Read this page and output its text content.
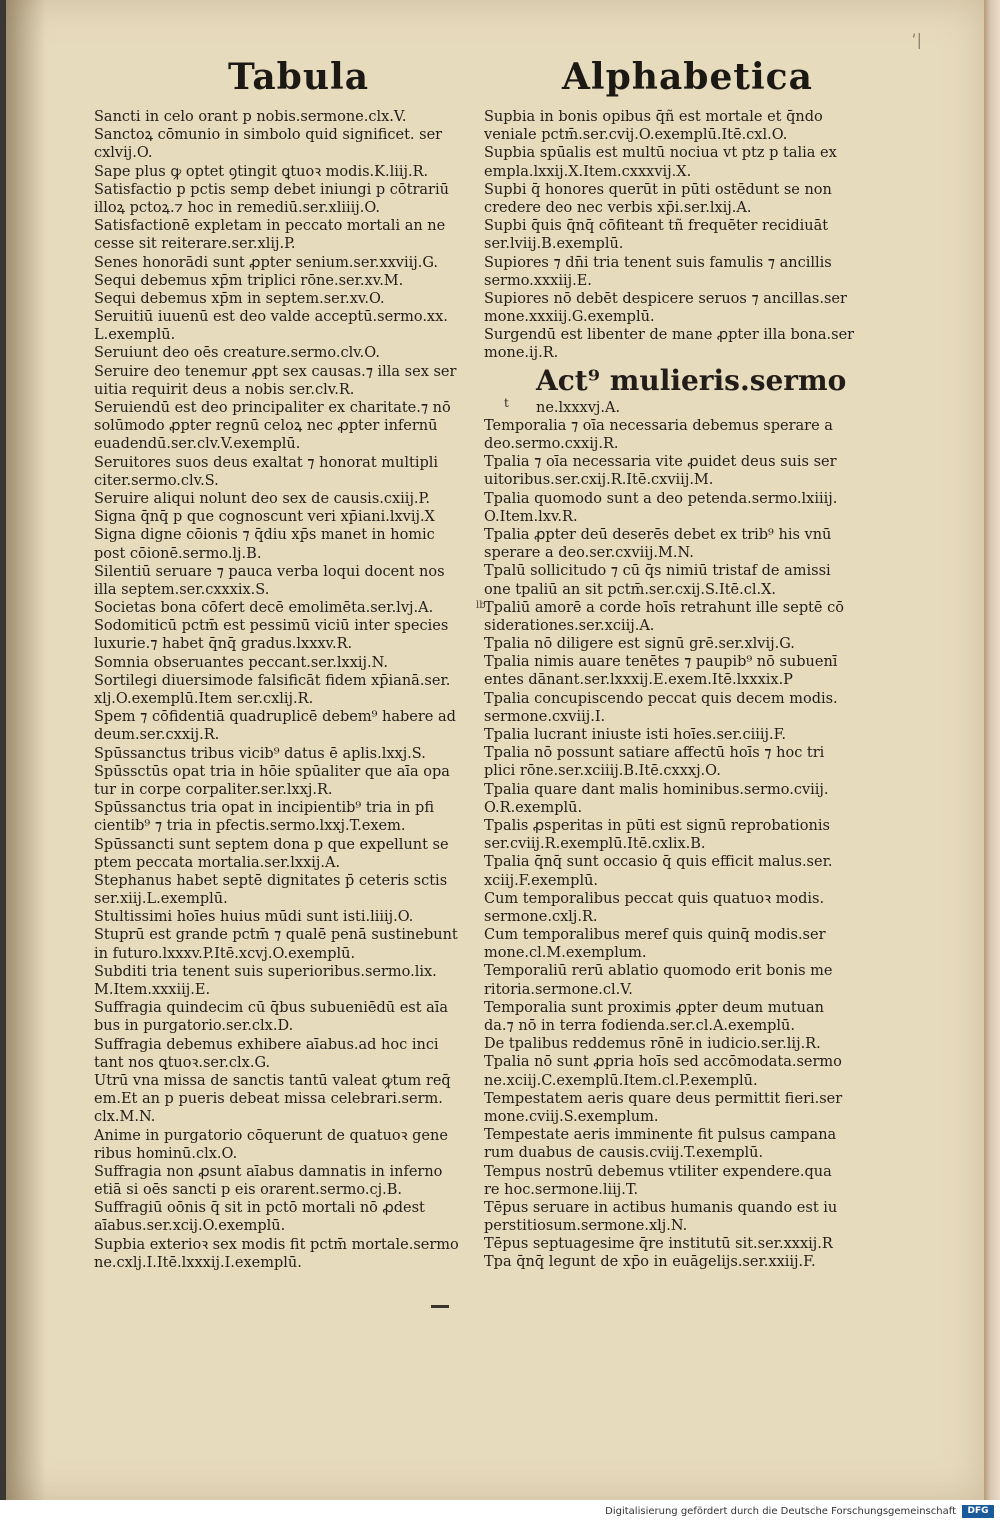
‘|
Tabula	Alphabetica
Sancti in celo orant p nobis.sermone.clx.V.
Sanctoꝝ cōmunio in simbolo quid significet. ser
cxlvij.O.
Sape plus ꝙ optet ꝯtingit ꝗtuoꝛ modis.K.liij.R.
Satisfactio p pctis semp debet iniungi p cōtrariū
illoꝝ pctoꝝ.⁊ hoc in remediū.ser.xliiij.O.
Satisfactionē expletam in peccato mortali an ne
cesse sit reiterare.ser.xlij.P.
Senes honorādi sunt ꝓpter senium.ser.xxviij.G.
Sequi debemus xp̄m triplici rōne.ser.xv.M.
Sequi debemus xp̄m in septem.ser.xv.O.
Seruitiū iuuenū est deo valde acceptū.sermo.xx.
L.exemplū.
Seruiunt deo oēs creature.sermo.clv.O.
Seruire deo tenemur ꝓpt sex causas.⁊ illa sex ser
uitia requirit deus a nobis ser.clv.R.
Seruiendū est deo principaliter ex charitate.⁊ nō
solūmodo ꝓpter regnū celoꝝ nec ꝓpter infernū
euadendū.ser.clv.V.exemplū.
Seruitores suos deus exaltat ⁊ honorat multipli
citer.sermo.clv.S.
Seruire aliqui nolunt deo sex de causis.cxiij.P.
Signa q̄nq̄ p que cognoscunt veri xp̄iani.lxvij.X
Signa digne cōionis ⁊ q̄diu xp̄s manet in homic
post cōionē.sermo.lj.B.
Silentiū seruare ⁊ pauca verba loqui docent nos
illa septem.ser.cxxxix.S.
Societas bona cōfert decē emolimēta.ser.lvj.A.
Sodomiticū pctm̄ est pessimū viciū inter species
luxurie.⁊ habet q̄nq̄ gradus.lxxxv.R.
Somnia obseruantes peccant.ser.lxxij.N.
Sortilegi diuersimode falsificāt fidem xp̄ianā.ser.
xlj.O.exemplū.Item ser.cxlij.R.
Spem ⁊ cōfidentiā quadruplicē debem⁹ habere ad
deum.ser.cxxij.R.
Spūssanctus tribus vicib⁹ datus ē aplis.lxxj.S.
Spūssctūs opat tria in hōie spūaliter que aīa opa
tur in corpe corpaliter.ser.lxxj.R.
Spūssanctus tria opat in incipientib⁹ tria in pfi
cientib⁹ ⁊ tria in pfectis.sermo.lxxj.T.exem.
Spūssancti sunt septem dona p que expellunt se
ptem peccata mortalia.ser.lxxij.A.
Stephanus habet septē dignitates p̄ ceteris sctis
ser.xiij.L.exemplū.
Stultissimi hoīes huius mūdi sunt isti.liiij.O.
Stuprū est grande pctm̄ ⁊ qualē penā sustinebunt
in futuro.lxxxv.P.Itē.xcvj.O.exemplū.
Subditi tria tenent suis superioribus.sermo.lix.
M.Item.xxxiij.E.
Suffragia quindecim cū q̄bus subueniēdū est aīa
bus in purgatorio.ser.clx.D.
Suffragia debemus exhibere aīabus.ad hoc inci
tant nos ꝗtuoꝛ.ser.clx.G.
Utrū vna missa de sanctis tantū valeat ꝙtum req̄
em.Et an p pueris debeat missa celebrari.serm.
clx.M.N.
Anime in purgatorio cōquerunt de quatuoꝛ gene
ribus hominū.clx.O.
Suffragia non ꝓsunt aīabus damnatis in inferno
etiā si oēs sancti p eis orarent.sermo.cj.B.
Suffragiū oōnis q̄ sit in pctō mortali nō ꝓdest
aīabus.ser.xcij.O.exemplū.
Supbia exterioꝛ sex modis fit pctm̄ mortale.sermo
ne.cxlj.I.Itē.lxxxij.I.exemplū.
Supbia in bonis opibus q̄ñ est mortale et q̄ndo
veniale pctm̄.ser.cvij.O.exemplū.Itē.cxl.O.
Supbia spūalis est multū nociua vt ptz p talia ex
empla.lxxij.X.Item.cxxxvij.X.
Supbi q̄ honores querūt in pūti ostēdunt se non
credere deo nec verbis xp̄i.ser.lxij.A.
Supbi q̄uis q̄nq̄ cōfiteant tñ frequēter recidiuāt
ser.lviij.B.exemplū.
Supiores ⁊ dn̄i tria tenent suis famulis ⁊ ancillis
sermo.xxxiij.E.
Supiores nō debēt despicere seruos ⁊ ancillas.ser
mone.xxxiij.G.exemplū.
Surgendū est libenter de mane ꝓpter illa bona.ser
mone.ij.R.
Act⁹ mulieris.sermo
ne.lxxxvj.A.
Temporalia ⁊ oīa necessaria debemus sperare a
deo.sermo.cxxij.R.
Tpalia ⁊ oīa necessaria vite ꝓuidet deus suis ser
uitoribus.ser.cxij.R.Itē.cxviij.M.
Tpalia quomodo sunt a deo petenda.sermo.lxiiij.
O.Item.lxv.R.
Tpalia ꝓpter deū deserēs debet ex trib⁹ his vnū
sperare a deo.ser.cxviij.M.N.
Tpalū sollicitudo ⁊ cū q̄s nimiū tristaf de amissi
one tpaliū an sit pctm̄.ser.cxij.S.Itē.cl.X.
Tpaliū amorē a corde hoīs retrahunt ille septē cō
siderationes.ser.xciij.A.
Tpalia nō diligere est signū grē.ser.xlvij.G.
Tpalia nimis auare tenētes ⁊ paupib⁹ nō subuenī
entes dānant.ser.lxxxij.E.exem.Itē.lxxxix.P
Tpalia concupiscendo peccat quis decem modis.
sermone.cxviij.I.
Tpalia lucrant iniuste isti hoīes.ser.ciiij.F.
Tpalia nō possunt satiare affectū hoīs ⁊ hoc tri
plici rōne.ser.xciiij.B.Itē.cxxxj.O.
Tpalia quare dant malis hominibus.sermo.cviij.
O.R.exemplū.
Tpalis ꝓsperitas in pūti est signū reprobationis
ser.cviij.R.exemplū.Itē.cxlix.B.
Tpalia q̄nq̄ sunt occasio q̄ quis efficit malus.ser.
xciij.F.exemplū.
Cum temporalibus peccat quis quatuoꝛ modis.
sermone.cxlj.R.
Cum temporalibus meref quis quinq̄ modis.ser
mone.cl.M.exemplum.
Temporaliū rerū ablatio quomodo erit bonis me
ritoria.sermone.cl.V.
Temporalia sunt proximis ꝓpter deum mutuan
da.⁊ nō in terra fodienda.ser.cl.A.exemplū.
De tpalibus reddemus rōnē in iudicio.ser.lij.R.
Tpalia nō sunt ꝓpria hoīs sed accōmodata.sermo
ne.xciij.C.exemplū.Item.cl.P.exemplū.
Tempestatem aeris quare deus permittit fieri.ser
mone.cviij.S.exemplum.
Tempestate aeris imminente fit pulsus campana
rum duabus de causis.cviij.T.exemplū.
Tempus nostrū debemus vtiliter expendere.qua
re hoc.sermone.liij.T.
Tēpus seruare in actibus humanis quando est iu
perstitiosum.sermone.xlj.N.
Tēpus septuagesime q̄re institutū sit.ser.xxxij.R
Tpa q̄nq̄ legunt de xp̄o in euāgelijs.ser.xxiij.F.
t
lb
Digitalisierung gefördert durch die Deutsche Forschungsgemeinschaft	DFG
